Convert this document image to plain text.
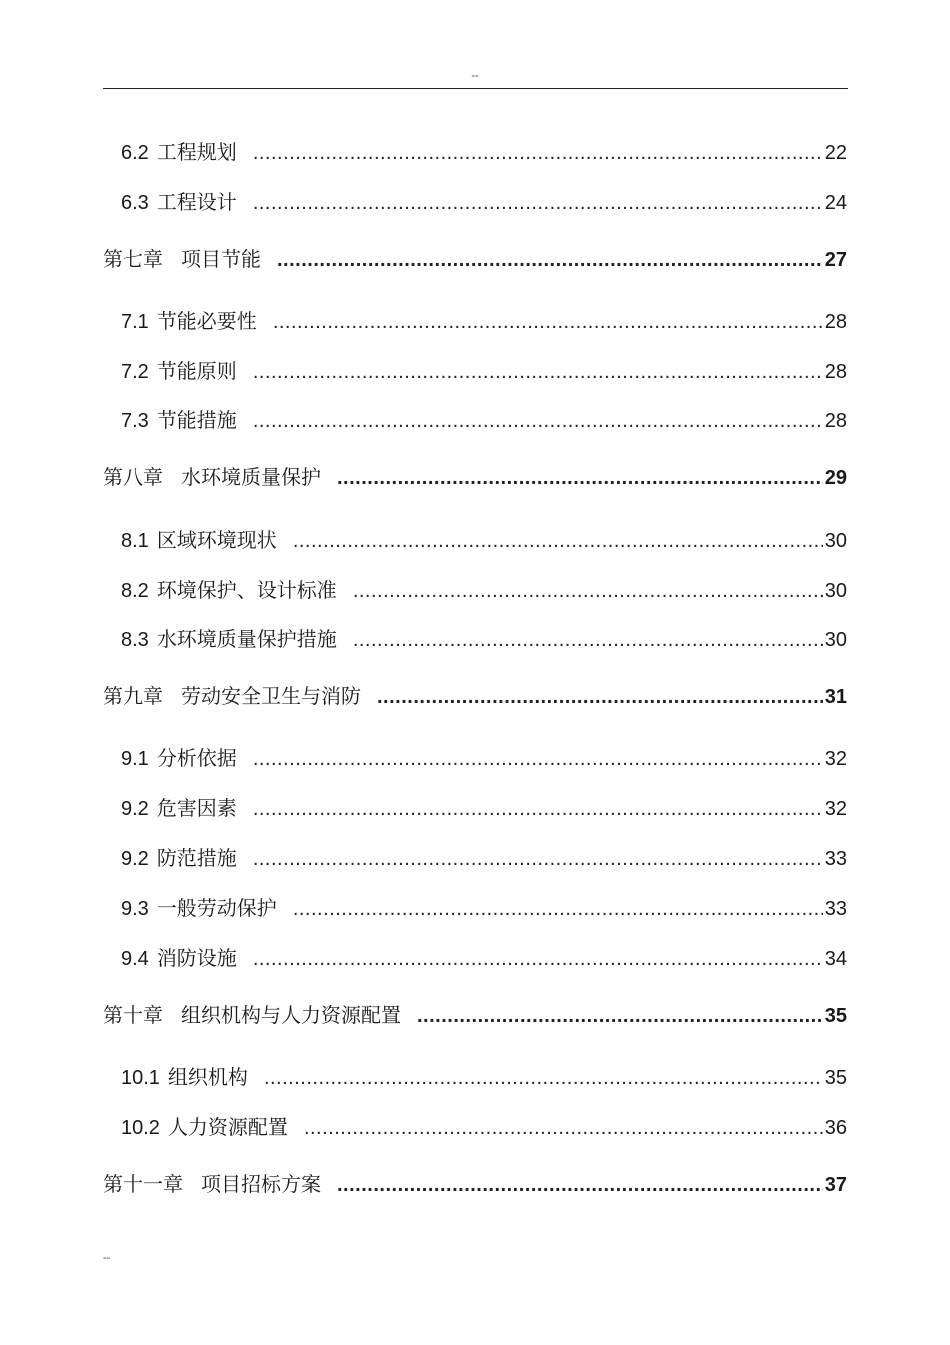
--
6.2 工程规划 .....	22
6.3 工程设计 .....	24
第七章 项目节能 .....	27
7.1 节能必要性 .....	28
7.2 节能原则 .....	28
7.3 节能措施 .....	28
第八章 水环境质量保护 .....	29
8.1 区域环境现状 .....	30
8.2 环境保护、设计标准 .....	30
8.3 水环境质量保护措施 .....	30
第九章 劳动安全卫生与消防 .....	31
9.1 分析依据 .....	32
9.2 危害因素 .....	32
9.2 防范措施 .....	33
9.3 一般劳动保护 .....	33
9.4 消防设施 .....	34
第十章 组织机构与人力资源配置 .....	35
10.1 组织机构 .....	35
10.2 人力资源配置 .....	36
第十一章 项目招标方案 .....	37
--
